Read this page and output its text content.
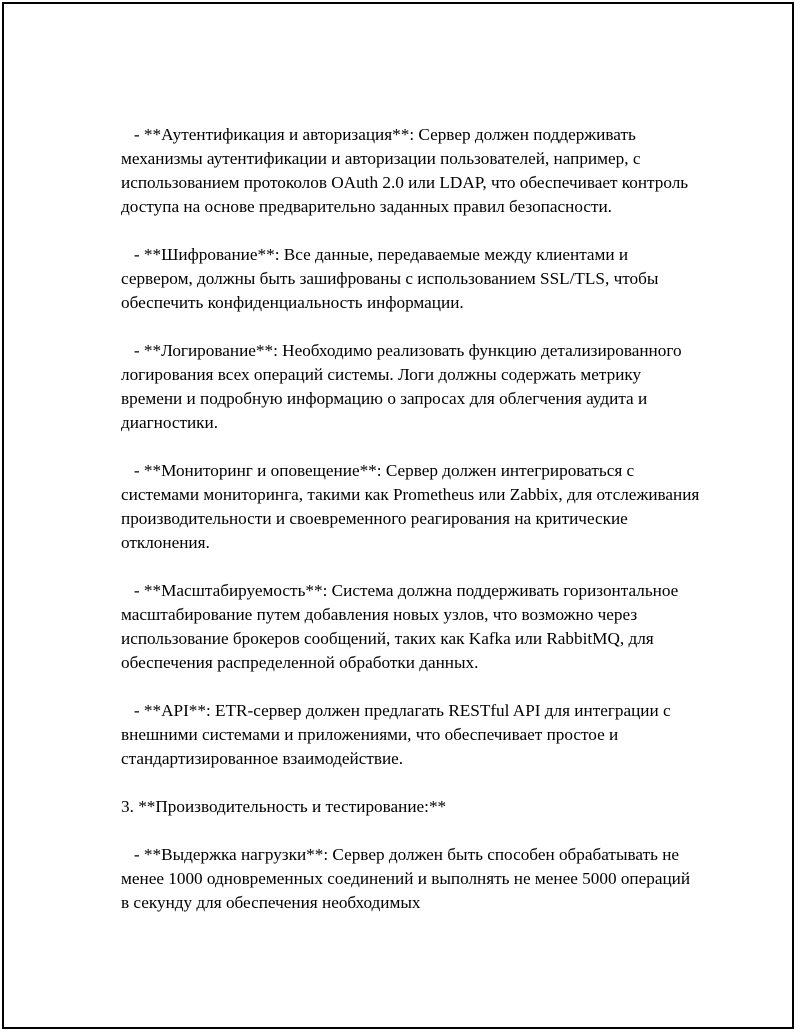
- **Аутентификация и авторизация**: Сервер должен поддерживать механизмы аутентификации и авторизации пользователей, например, с использованием протоколов OAuth 2.0 или LDAP, что обеспечивает контроль доступа на основе предварительно заданных правил безопасности.

- **Шифрование**: Все данные, передаваемые между клиентами и сервером, должны быть зашифрованы с использованием SSL/TLS, чтобы обеспечить конфиденциальность информации.

- **Логирование**: Необходимо реализовать функцию детализированного логирования всех операций системы. Логи должны содержать метрику времени и подробную информацию о запросах для облегчения аудита и диагностики.

- **Мониторинг и оповещение**: Сервер должен интегрироваться с системами мониторинга, такими как Prometheus или Zabbix, для отслеживания производительности и своевременного реагирования на критические отклонения.

- **Масштабируемость**: Система должна поддерживать горизонтальное масштабирование путем добавления новых узлов, что возможно через использование брокеров сообщений, таких как Kafka или RabbitMQ, для обеспечения распределенной обработки данных.

- **API**: ETR-сервер должен предлагать RESTful API для интеграции с внешними системами и приложениями, что обеспечивает простое и стандартизированное взаимодействие.

3. **Производительность и тестирование:**

- **Выдержка нагрузки**: Сервер должен быть способен обрабатывать не менее 1000 одновременных соединений и выполнять не менее 5000 операций в секунду для обеспечения необходимых
